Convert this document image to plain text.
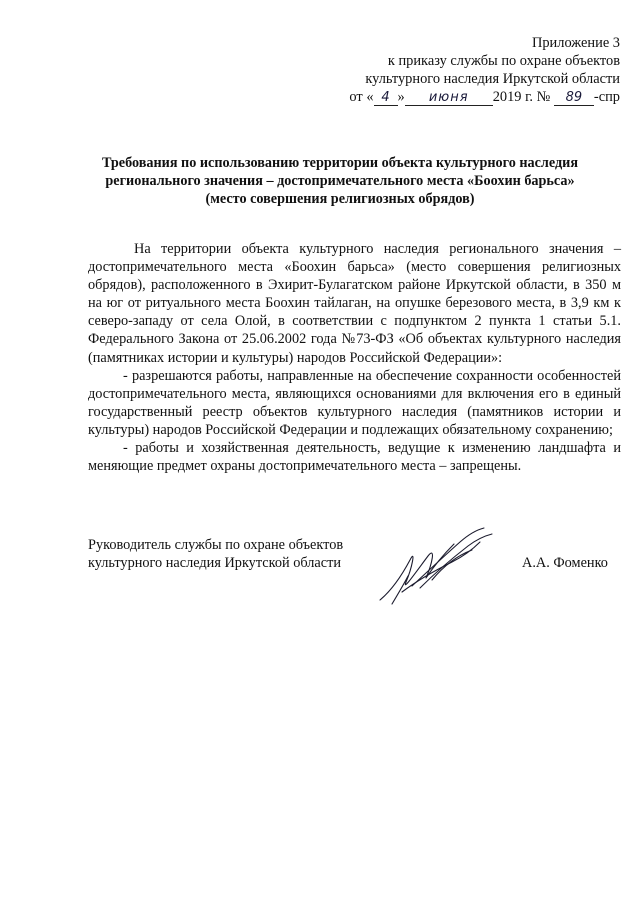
Приложение 3
к приказу службы по охране объектов
культурного наследия Иркутской области
от « 4 » июня 2019 г. № 89 -спр
Требования по использованию территории объекта культурного наследия
регионального значения – достопримечательного места «Боохин барьса»
(место совершения религиозных обрядов)

На территории объекта культурного наследия регионального значения – достопримечательного места «Боохин барьса» (место совершения религиозных обрядов), расположенного в Эхирит-Булагатском районе Иркутской области, в 350 м на юг от ритуального места Боохин тайлаган, на опушке березового места, в 3,9 км к северо-западу от села Олой, в соответствии с подпунктом 2 пункта 1 статьи 5.1. Федерального Закона от 25.06.2002 года №73-ФЗ «Об объектах культурного наследия (памятниках истории и культуры) народов Российской Федерации»:

- разрешаются работы, направленные на обеспечение сохранности особенностей достопримечательного места, являющихся основаниями для включения его в единый государственный реестр объектов культурного наследия (памятников истории и культуры) народов Российской Федерации и подлежащих обязательному сохранению;

- работы и хозяйственная деятельность, ведущие к изменению ландшафта и меняющие предмет охраны достопримечательного места – запрещены.

Руководитель службы по охране объектов
культурного наследия Иркутской области	А.А. Фоменко
